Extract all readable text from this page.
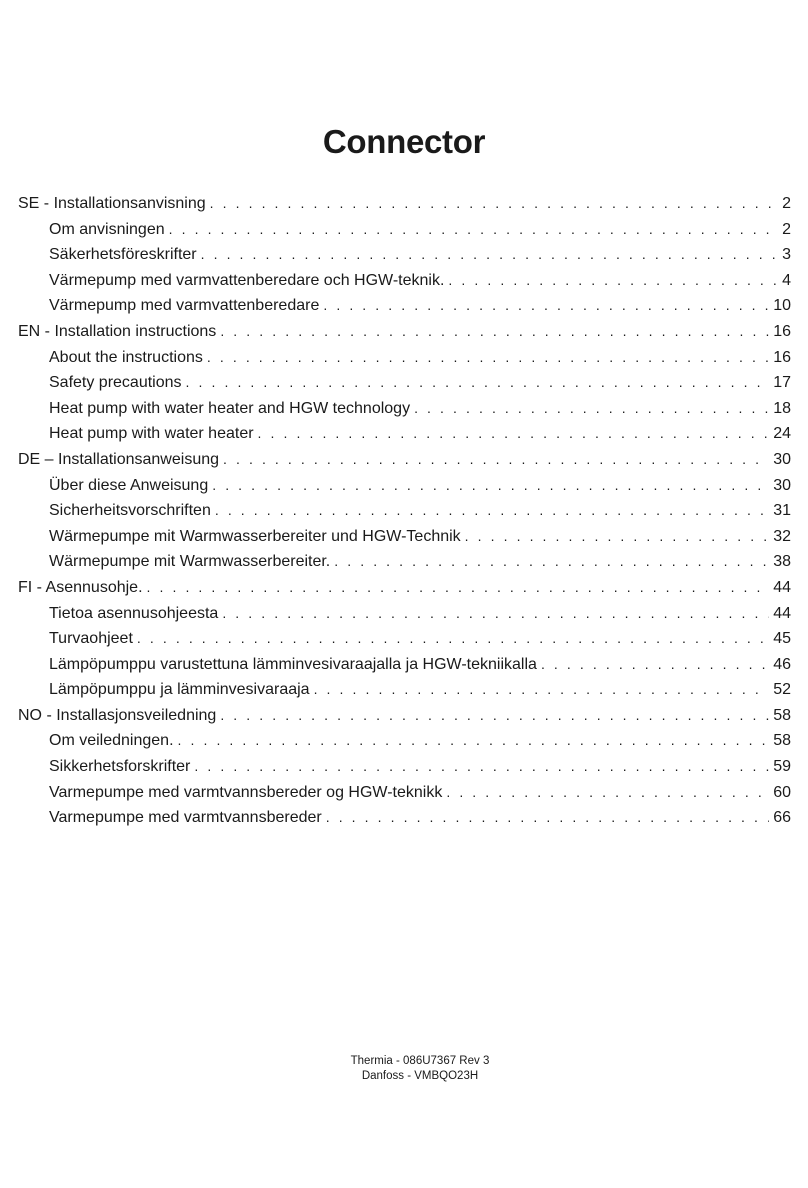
Connector
SE - Installationsanvisning . . .	2
Om anvisningen . . .	2
Säkerhetsföreskrifter . . .	3
Värmepump med varmvattenberedare och HGW-teknik. . . .	4
Värmepump med varmvattenberedare . . .	10
EN - Installation instructions . . .	16
About the instructions . . .	16
Safety precautions . . .	17
Heat pump with water heater and HGW technology . . .	18
Heat pump with water heater . . .	24
DE – Installationsanweisung . . .	30
Über diese Anweisung . . .	30
Sicherheitsvorschriften . . .	31
Wärmepumpe mit Warmwasserbereiter und HGW-Technik . . .	32
Wärmepumpe mit Warmwasserbereiter. . . .	38
FI - Asennusohje. . . .	44
Tietoa asennusohjeesta . . .	44
Turvaohjeet . . .	45
Lämpöpumppu varustettuna lämminvesivaraajalla ja HGW-tekniikalla . . .	46
Lämpöpumppu ja lämminvesivaraaja . . .	52
NO - Installasjonsveiledning . . .	58
Om veiledningen. . . .	58
Sikkerhetsforskrifter . . .	59
Varmepumpe med varmtvannsbereder og HGW-teknikk . . .	60
Varmepumpe med varmtvannsbereder . . .	66
Thermia - 086U7367 Rev 3
Danfoss - VMBQO23H
